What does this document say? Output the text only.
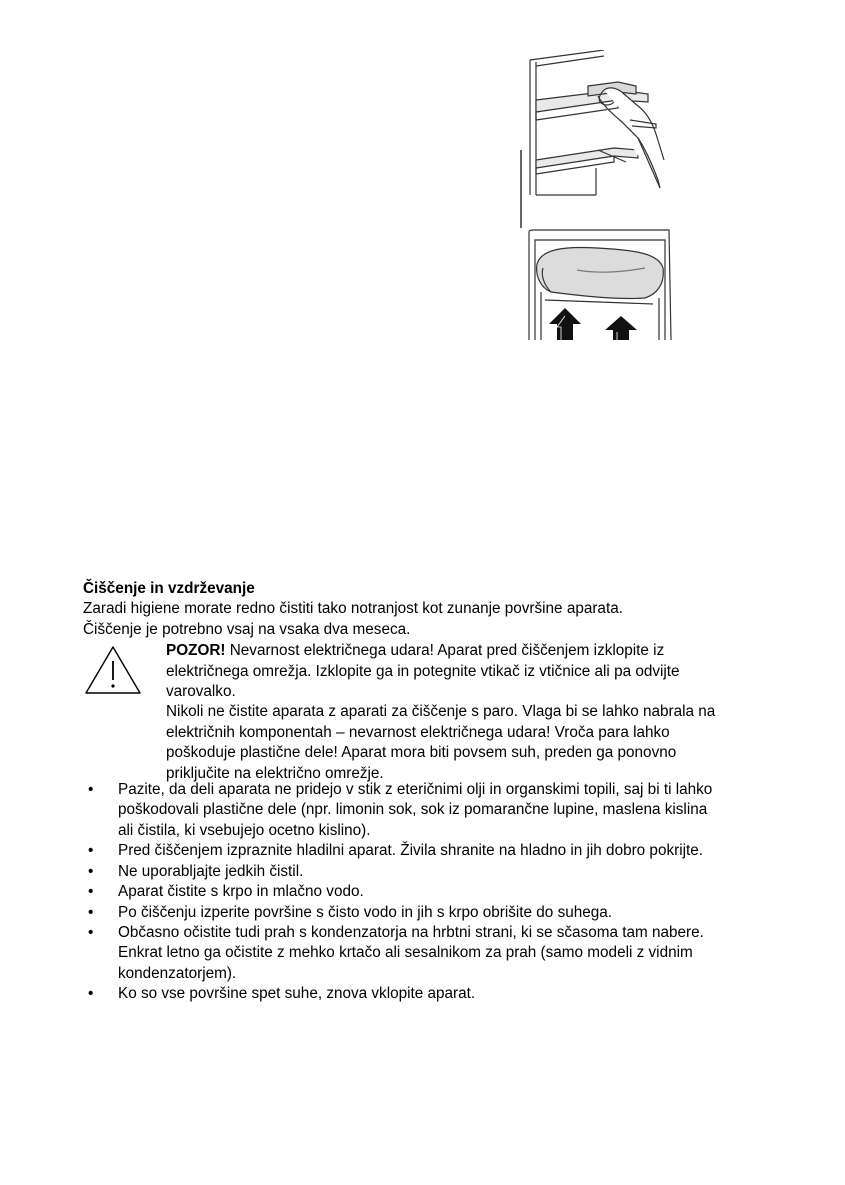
Čiščenje in vzdrževanje
Zaradi higiene morate redno čistiti tako notranjost kot zunanje površine aparata.
Čiščenje je potrebno vsaj na vsaka dva meseca.
POZOR! Nevarnost električnega udara! Aparat pred čiščenjem izklopite iz
električnega omrežja. Izklopite ga in potegnite vtikač iz vtičnice ali pa odvijte
varovalko.
Nikoli ne čistite aparata z aparati za čiščenje s paro. Vlaga bi se lahko nabrala na
električnih komponentah – nevarnost električnega udara! Vroča para lahko
poškoduje plastične dele! Aparat mora biti povsem suh, preden ga ponovno
priključite na električno omrežje.
• Pazite, da deli aparata ne pridejo v stik z eteričnimi olji in organskimi topili, saj bi ti lahko
poškodovali plastične dele (npr. limonin sok, sok iz pomarančne lupine, maslena kislina
ali čistila, ki vsebujejo ocetno kislino).
• Pred čiščenjem izpraznite hladilni aparat. Živila shranite na hladno in jih dobro pokrijte.
• Ne uporabljajte jedkih čistil.
• Aparat čistite s krpo in mlačno vodo.
• Po čiščenju izperite površine s čisto vodo in jih s krpo obrišite do suhega.
• Občasno očistite tudi prah s kondenzatorja na hrbtni strani, ki se sčasoma tam nabere.
Enkrat letno ga očistite z mehko krtačo ali sesalnikom za prah (samo modeli z vidnim
kondenzatorjem).
• Ko so vse površine spet suhe, znova vklopite aparat.
